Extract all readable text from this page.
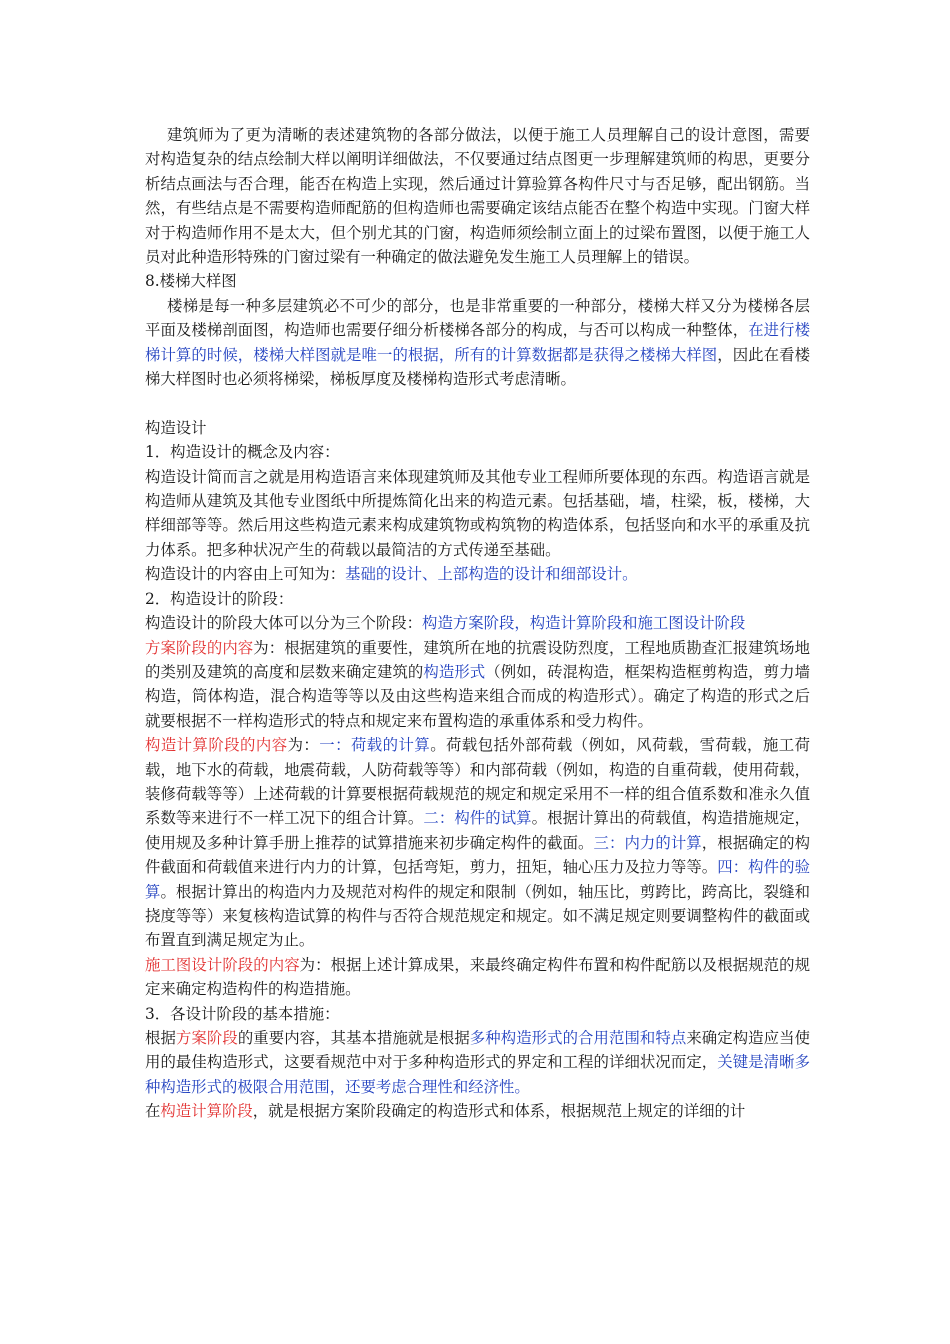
建筑师为了更为清晰的表述建筑物的各部分做法，以便于施工人员理解自己的设计意图，需要对构造复杂的结点绘制大样以阐明详细做法，不仅要通过结点图更一步理解建筑师的构思，更要分析结点画法与否合理，能否在构造上实现，然后通过计算验算各构件尺寸与否足够，配出钢筋。当然，有些结点是不需要构造师配筋的但构造师也需要确定该结点能否在整个构造中实现。门窗大样对于构造师作用不是太大，但个别尤其的门窗，构造师须绘制立面上的过梁布置图，以便于施工人员对此种造形特殊的门窗过梁有一种确定的做法避免发生施工人员理解上的错误。

8.楼梯大样图

楼梯是每一种多层建筑必不可少的部分，也是非常重要的一种部分，楼梯大样又分为楼梯各层平面及楼梯剖面图，构造师也需要仔细分析楼梯各部分的构成，与否可以构成一种整体，在进行楼梯计算的时候，楼梯大样图就是唯一的根据，所有的计算数据都是获得之楼梯大样图，因此在看楼梯大样图时也必须将梯梁，梯板厚度及楼梯构造形式考虑清晰。

构造设计

1．构造设计的概念及内容：

构造设计简而言之就是用构造语言来体现建筑师及其他专业工程师所要体现的东西。构造语言就是构造师从建筑及其他专业图纸中所提炼简化出来的构造元素。包括基础，墙，柱梁，板，楼梯，大样细部等等。然后用这些构造元素来构成建筑物或构筑物的构造体系，包括竖向和水平的承重及抗力体系。把多种状况产生的荷载以最简洁的方式传递至基础。

构造设计的内容由上可知为：基础的设计、上部构造的设计和细部设计。

2．构造设计的阶段：

构造设计的阶段大体可以分为三个阶段：构造方案阶段，构造计算阶段和施工图设计阶段

方案阶段的内容为：根据建筑的重要性，建筑所在地的抗震设防烈度，工程地质勘查汇报建筑场地的类别及建筑的高度和层数来确定建筑的构造形式（例如，砖混构造，框架构造框剪构造，剪力墙构造，筒体构造，混合构造等等以及由这些构造来组合而成的构造形式）。确定了构造的形式之后就要根据不一样构造形式的特点和规定来布置构造的承重体系和受力构件。

构造计算阶段的内容为：一：荷载的计算。荷载包括外部荷载（例如，风荷载，雪荷载，施工荷载，地下水的荷载，地震荷载，人防荷载等等）和内部荷载（例如，构造的自重荷载，使用荷载，装修荷载等等）上述荷载的计算要根据荷载规范的规定和规定采用不一样的组合值系数和准永久值系数等来进行不一样工况下的组合计算。二：构件的试算。根据计算出的荷载值，构造措施规定，使用规及多种计算手册上推荐的试算措施来初步确定构件的截面。三：内力的计算，根据确定的构件截面和荷载值来进行内力的计算，包括弯矩，剪力，扭矩，轴心压力及拉力等等。四：构件的验算。根据计算出的构造内力及规范对构件的规定和限制（例如，轴压比，剪跨比，跨高比，裂缝和挠度等等）来复核构造试算的构件与否符合规范规定和规定。如不满足规定则要调整构件的截面或布置直到满足规定为止。

施工图设计阶段的内容为：根据上述计算成果，来最终确定构件布置和构件配筋以及根据规范的规定来确定构造构件的构造措施。

3．各设计阶段的基本措施：

根据方案阶段的重要内容，其基本措施就是根据多种构造形式的合用范围和特点来确定构造应当使用的最佳构造形式，这要看规范中对于多种构造形式的界定和工程的详细状况而定，关键是清晰多种构造形式的极限合用范围，还要考虑合理性和经济性。

在构造计算阶段，就是根据方案阶段确定的构造形式和体系，根据规范上规定的详细的计
